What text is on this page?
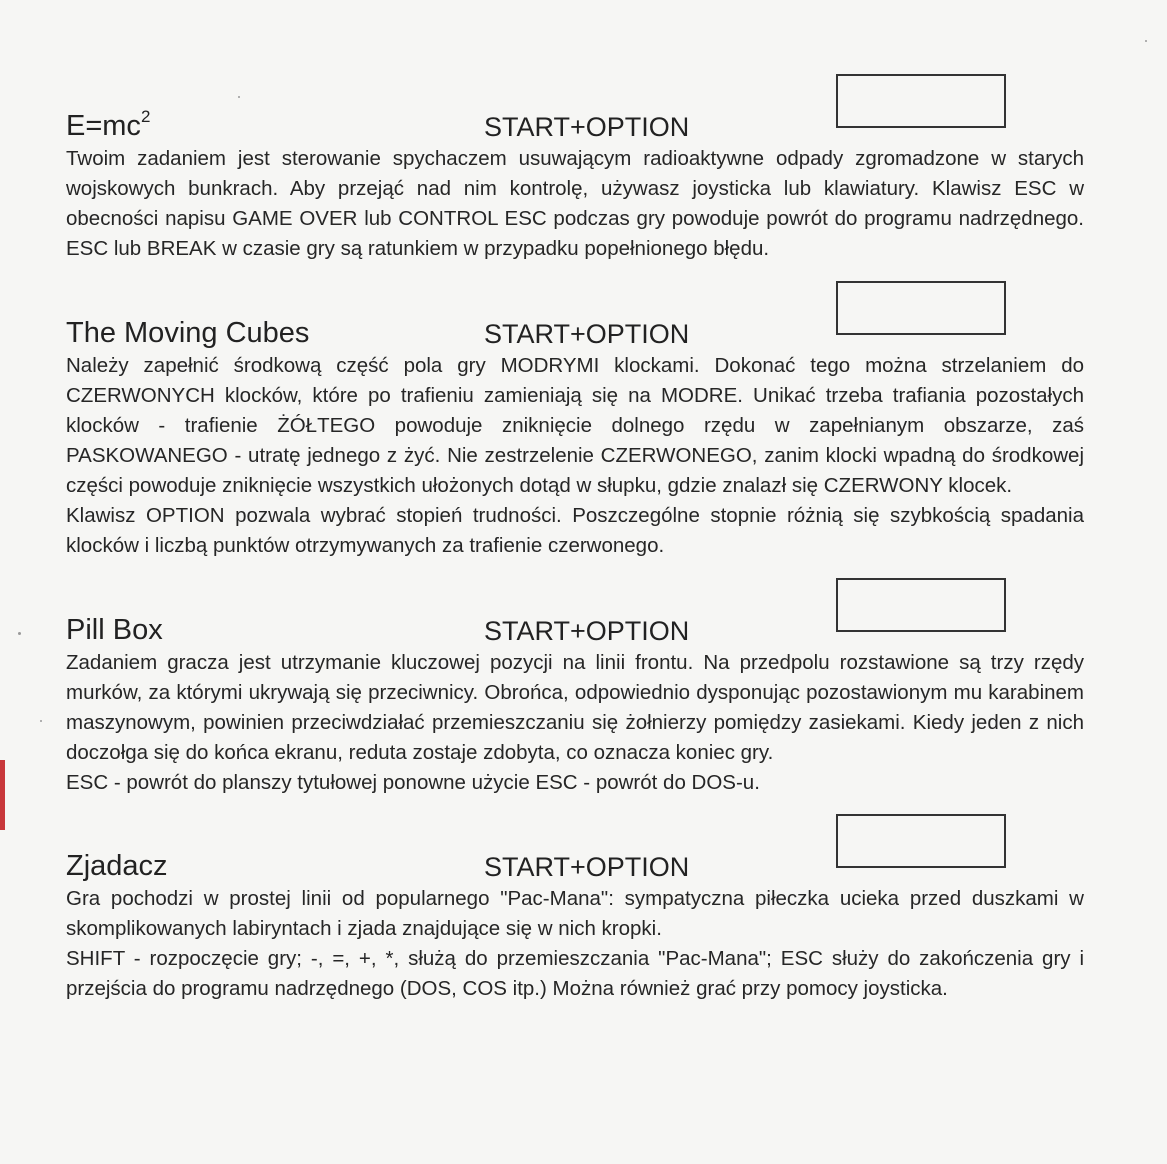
$E=mc^2$	START+OPTION

Twoim zadaniem jest sterowanie spychaczem usuwającym radioaktywne odpady zgromadzone w starych wojskowych bunkrach. Aby przejąć nad nim kontrolę, używasz joysticka lub klawiatury. Klawisz ESC w obecności napisu GAME OVER lub CONTROL ESC podczas gry powoduje powrót do programu nadrzędnego. ESC lub BREAK w czasie gry są ratunkiem w przypadku popełnionego błędu.

The Moving Cubes	START+OPTION

Należy zapełnić środkową część pola gry MODRYMI klockami. Dokonać tego można strzelaniem do CZERWONYCH klocków, które po trafieniu zamieniają się na MODRE. Unikać trzeba trafiania pozostałych klocków - trafienie ŻÓŁTEGO powoduje zniknięcie dolnego rzędu w zapełnianym obszarze, zaś PASKOWANEGO - utratę jednego z żyć. Nie zestrzelenie CZERWONEGO, zanim klocki wpadną do środkowej części powoduje zniknięcie wszystkich ułożonych dotąd w słupku, gdzie znalazł się CZERWONY klocek.

Klawisz OPTION pozwala wybrać stopień trudności. Poszczególne stopnie różnią się szybkością spadania klocków i liczbą punktów otrzymywanych za trafienie czerwonego.

Pill Box	START+OPTION

Zadaniem gracza jest utrzymanie kluczowej pozycji na linii frontu. Na przedpolu rozstawione są trzy rzędy murków, za którymi ukrywają się przeciwnicy. Obrońca, odpowiednio dysponując pozostawionym mu karabinem maszynowym, powinien przeciwdziałać przemieszczaniu się żołnierzy pomiędzy zasiekami. Kiedy jeden z nich doczołga się do końca ekranu, reduta zostaje zdobyta, co oznacza koniec gry.

ESC - powrót do planszy tytułowej ponowne użycie ESC - powrót do DOS-u.

Zjadacz	START+OPTION

Gra pochodzi w prostej linii od popularnego "Pac-Mana": sympatyczna piłeczka ucieka przed duszkami w skomplikowanych labiryntach i zjada znajdujące się w nich kropki.

SHIFT - rozpoczęcie gry; -, =, +, *, służą do przemieszczania "Pac-Mana"; ESC służy do zakończenia gry i przejścia do programu nadrzędnego (DOS, COS itp.) Można również grać przy pomocy joysticka.
